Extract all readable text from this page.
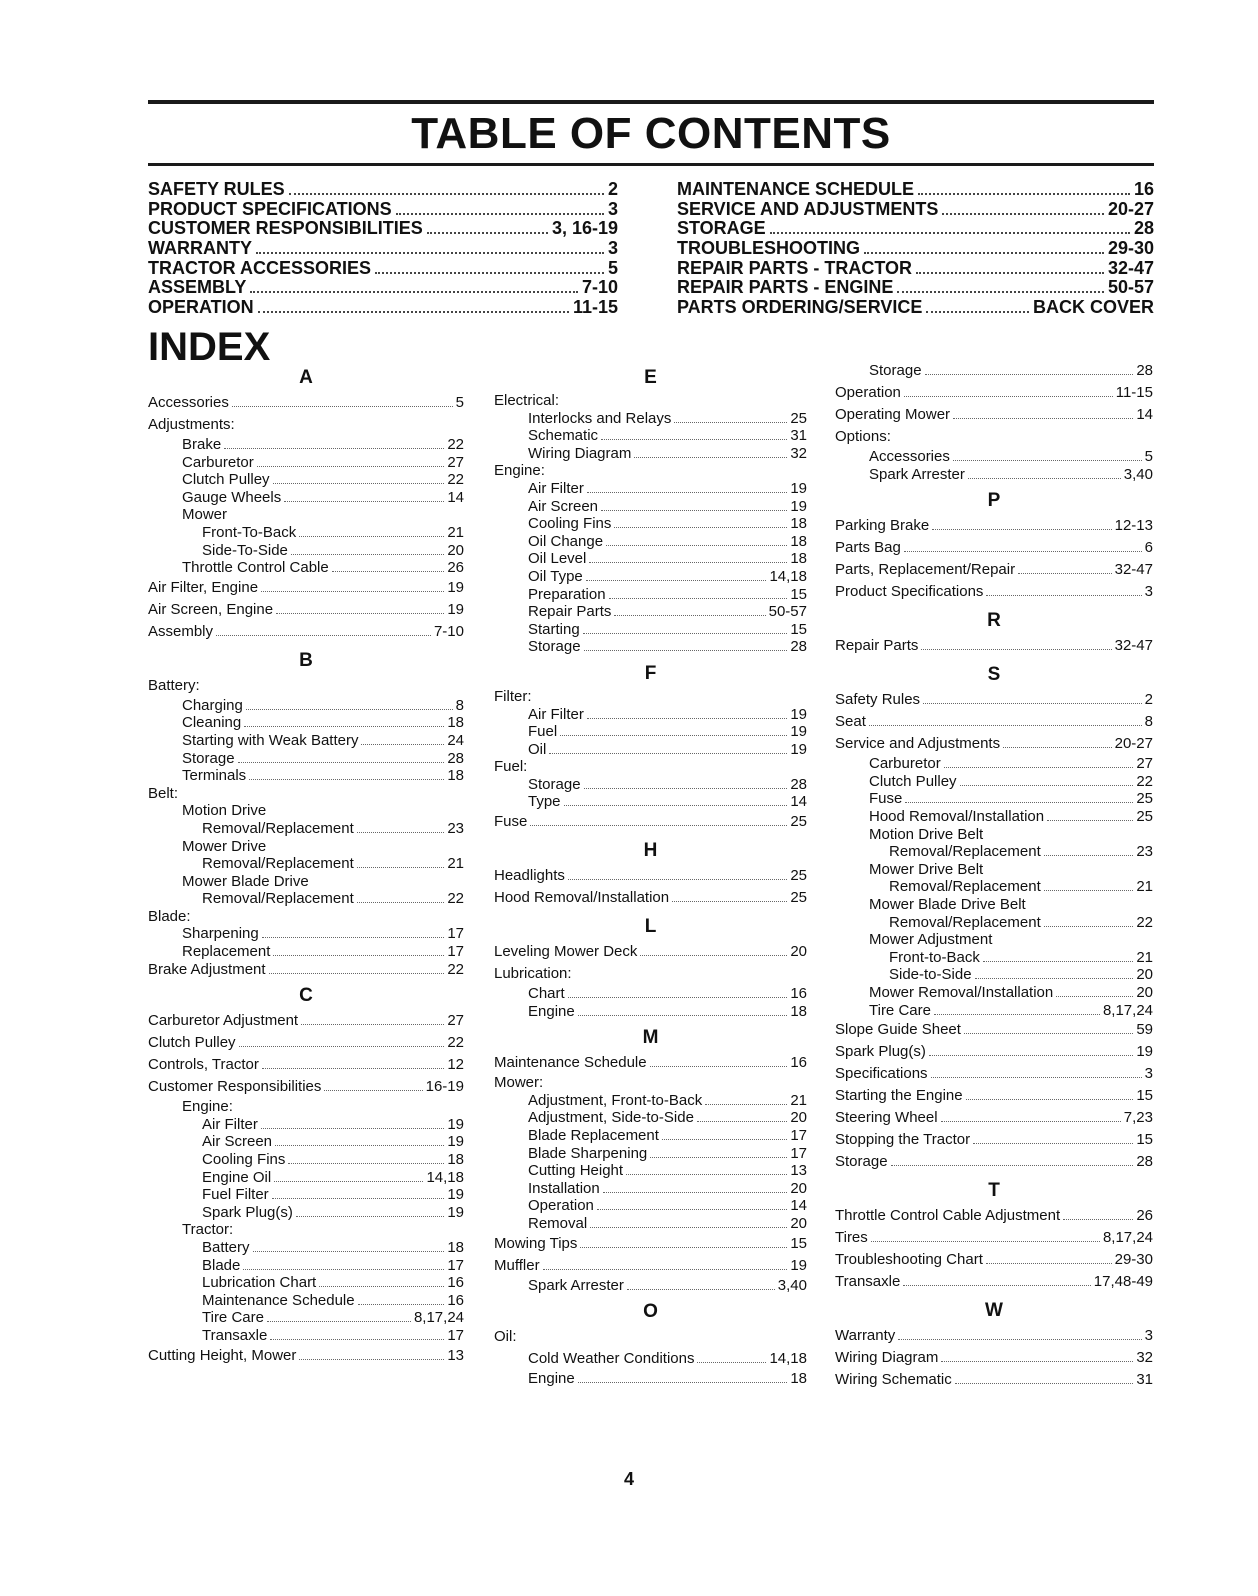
TABLE OF CONTENTS
SAFETY RULES	2
PRODUCT SPECIFICATIONS	3
CUSTOMER RESPONSIBILITIES	3, 16-19
WARRANTY	3
TRACTOR ACCESSORIES	5
ASSEMBLY	7-10
OPERATION	11-15
MAINTENANCE SCHEDULE	16
SERVICE AND ADJUSTMENTS	20-27
STORAGE	28
TROUBLESHOOTING	29-30
REPAIR PARTS - TRACTOR	32-47
REPAIR PARTS - ENGINE	50-57
PARTS ORDERING/SERVICE	BACK COVER
INDEX
A
Accessories	5
Adjustments:
Brake	22
Carburetor	27
Clutch Pulley	22
Gauge Wheels	14
Mower
Front-To-Back	21
Side-To-Side	20
Throttle Control Cable	26
Air Filter, Engine	19
Air Screen, Engine	19
Assembly	7-10
B
Battery:
Charging	8
Cleaning	18
Starting with Weak Battery	24
Storage	28
Terminals	18
Belt:
Motion Drive
Removal/Replacement	23
Mower Drive
Removal/Replacement	21
Mower Blade Drive
Removal/Replacement	22
Blade:
Sharpening	17
Replacement	17
Brake Adjustment	22
C
Carburetor Adjustment	27
Clutch Pulley	22
Controls, Tractor	12
Customer Responsibilities	16-19
Engine:
Air Filter	19
Air Screen	19
Cooling Fins	18
Engine Oil	14,18
Fuel Filter	19
Spark Plug(s)	19
Tractor:
Battery	18
Blade	17
Lubrication Chart	16
Maintenance Schedule	16
Tire Care	8,17,24
Transaxle	17
Cutting Height, Mower	13
E
Electrical:
Interlocks and Relays	25
Schematic	31
Wiring Diagram	32
Engine:
Air Filter	19
Air Screen	19
Cooling Fins	18
Oil Change	18
Oil Level	18
Oil Type	14,18
Preparation	15
Repair Parts	50-57
Starting	15
Storage	28
F
Filter:
Air Filter	19
Fuel	19
Oil	19
Fuel:
Storage	28
Type	14
Fuse	25
H
Headlights	25
Hood Removal/Installation	25
L
Leveling Mower Deck	20
Lubrication:
Chart	16
Engine	18
M
Maintenance Schedule	16
Mower:
Adjustment, Front-to-Back	21
Adjustment, Side-to-Side	20
Blade Replacement	17
Blade Sharpening	17
Cutting Height	13
Installation	20
Operation	14
Removal	20
Mowing Tips	15
Muffler	19
Spark Arrester	3,40
O
Oil:
Cold Weather Conditions	14,18
Engine	18
Storage	28
Operation	11-15
Operating Mower	14
Options:
Accessories	5
Spark Arrester	3,40
P
Parking Brake	12-13
Parts Bag	6
Parts, Replacement/Repair	32-47
Product Specifications	3
R
Repair Parts	32-47
S
Safety Rules	2
Seat	8
Service and Adjustments	20-27
Carburetor	27
Clutch Pulley	22
Fuse	25
Hood Removal/Installation	25
Motion Drive Belt
Removal/Replacement	23
Mower Drive Belt
Removal/Replacement	21
Mower Blade Drive Belt
Removal/Replacement	22
Mower Adjustment
Front-to-Back	21
Side-to-Side	20
Mower Removal/Installation	20
Tire Care	8,17,24
Slope Guide Sheet	59
Spark Plug(s)	19
Specifications	3
Starting the Engine	15
Steering Wheel	7,23
Stopping the Tractor	15
Storage	28
T
Throttle Control Cable Adjustment	26
Tires	8,17,24
Troubleshooting Chart	29-30
Transaxle	17,48-49
W
Warranty	3
Wiring Diagram	32
Wiring Schematic	31
4
